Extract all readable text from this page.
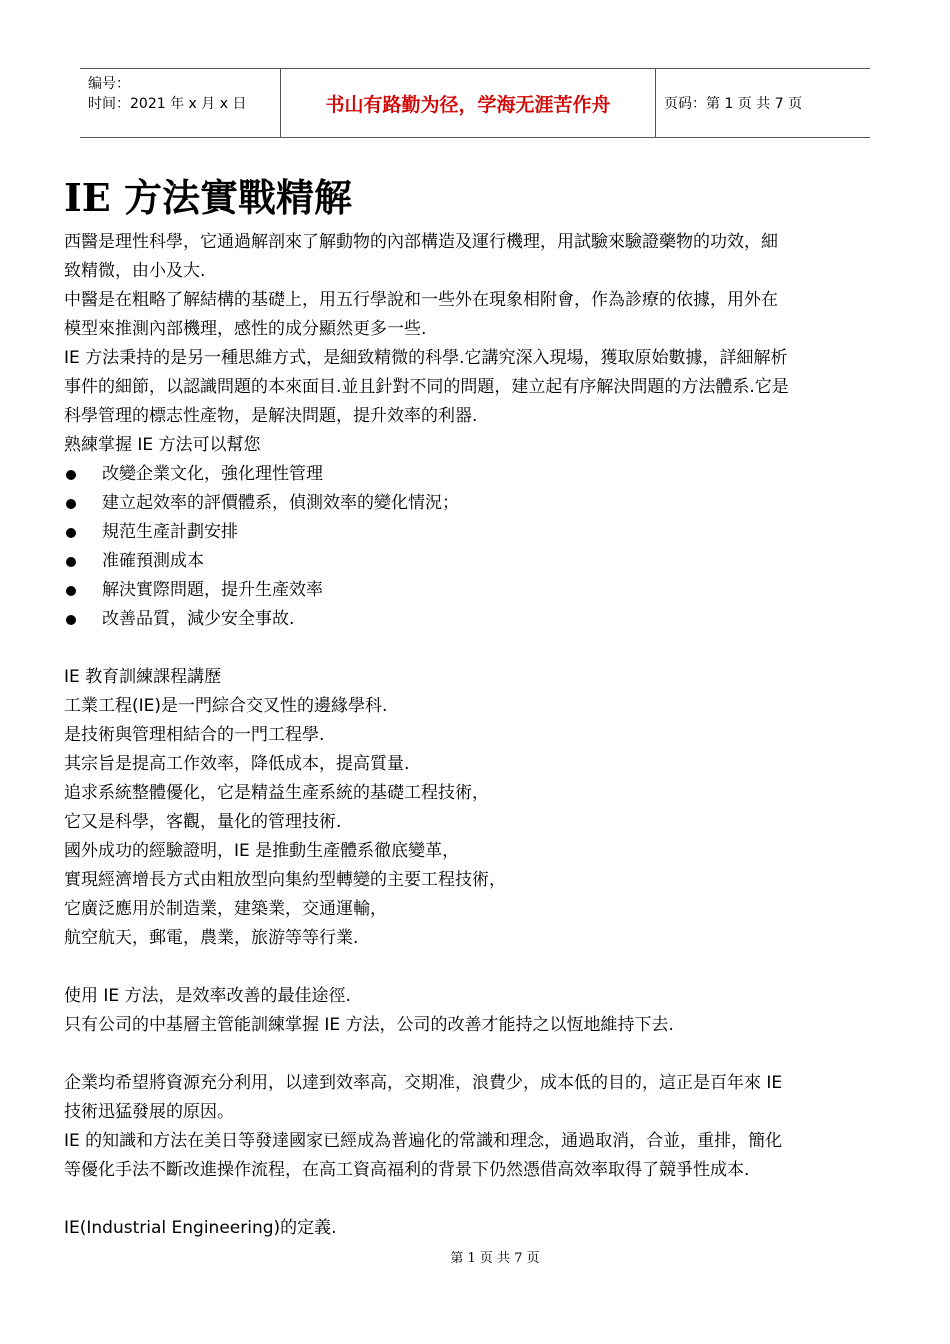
编号：
时间：2021 年 x 月 x 日	书山有路勤为径，学海无涯苦作舟	页码：第 1 页 共 7 页
IE 方法實戰精解
西醫是理性科學，它通過解剖來了解動物的內部構造及運行機理，用試驗來驗證藥物的功效，細
致精微，由小及大.
中醫是在粗略了解結構的基礎上，用五行學說和一些外在現象相附會，作為診療的依據，用外在
模型來推測內部機理，感性的成分顯然更多一些.
IE 方法秉持的是另一種思維方式，是細致精微的科學.它講究深入現場，獲取原始數據，詳細解析
事件的細節，以認識問題的本來面目.並且針對不同的問題，建立起有序解決問題的方法體系.它是
科學管理的標志性產物，是解決問題，提升效率的利器.
熟練掌握 IE 方法可以幫您
改變企業文化，強化理性管理
建立起效率的評價體系，偵測效率的變化情況；
規范生產計劃安排
准確預測成本
解決實際問題，提升生產效率
改善品質，減少安全事故.
IE 教育訓練課程講歷
工業工程(IE)是一門綜合交叉性的邊緣學科.
是技術與管理相結合的一門工程學.
其宗旨是提高工作效率，降低成本，提高質量.
追求系統整體優化，它是精益生產系統的基礎工程技術，
它又是科學，客觀，量化的管理技術.
國外成功的經驗證明，IE 是推動生產體系徹底變革，
實現經濟增長方式由粗放型向集約型轉變的主要工程技術，
它廣泛應用於制造業，建築業，交通運輸，
航空航天，郵電，農業，旅游等等行業.
使用 IE 方法，是效率改善的最佳途徑.
只有公司的中基層主管能訓練掌握 IE 方法，公司的改善才能持之以恆地維持下去.
企業均希望將資源充分利用，以達到效率高，交期准，浪費少，成本低的目的，這正是百年來 IE
技術迅猛發展的原因。
IE 的知識和方法在美日等發達國家已經成為普遍化的常識和理念，通過取消，合並，重排，簡化
等優化手法不斷改進操作流程，在高工資高福利的背景下仍然憑借高效率取得了競爭性成本.
IE(Industrial Engineering)的定義.
第 1 页 共 7 页
